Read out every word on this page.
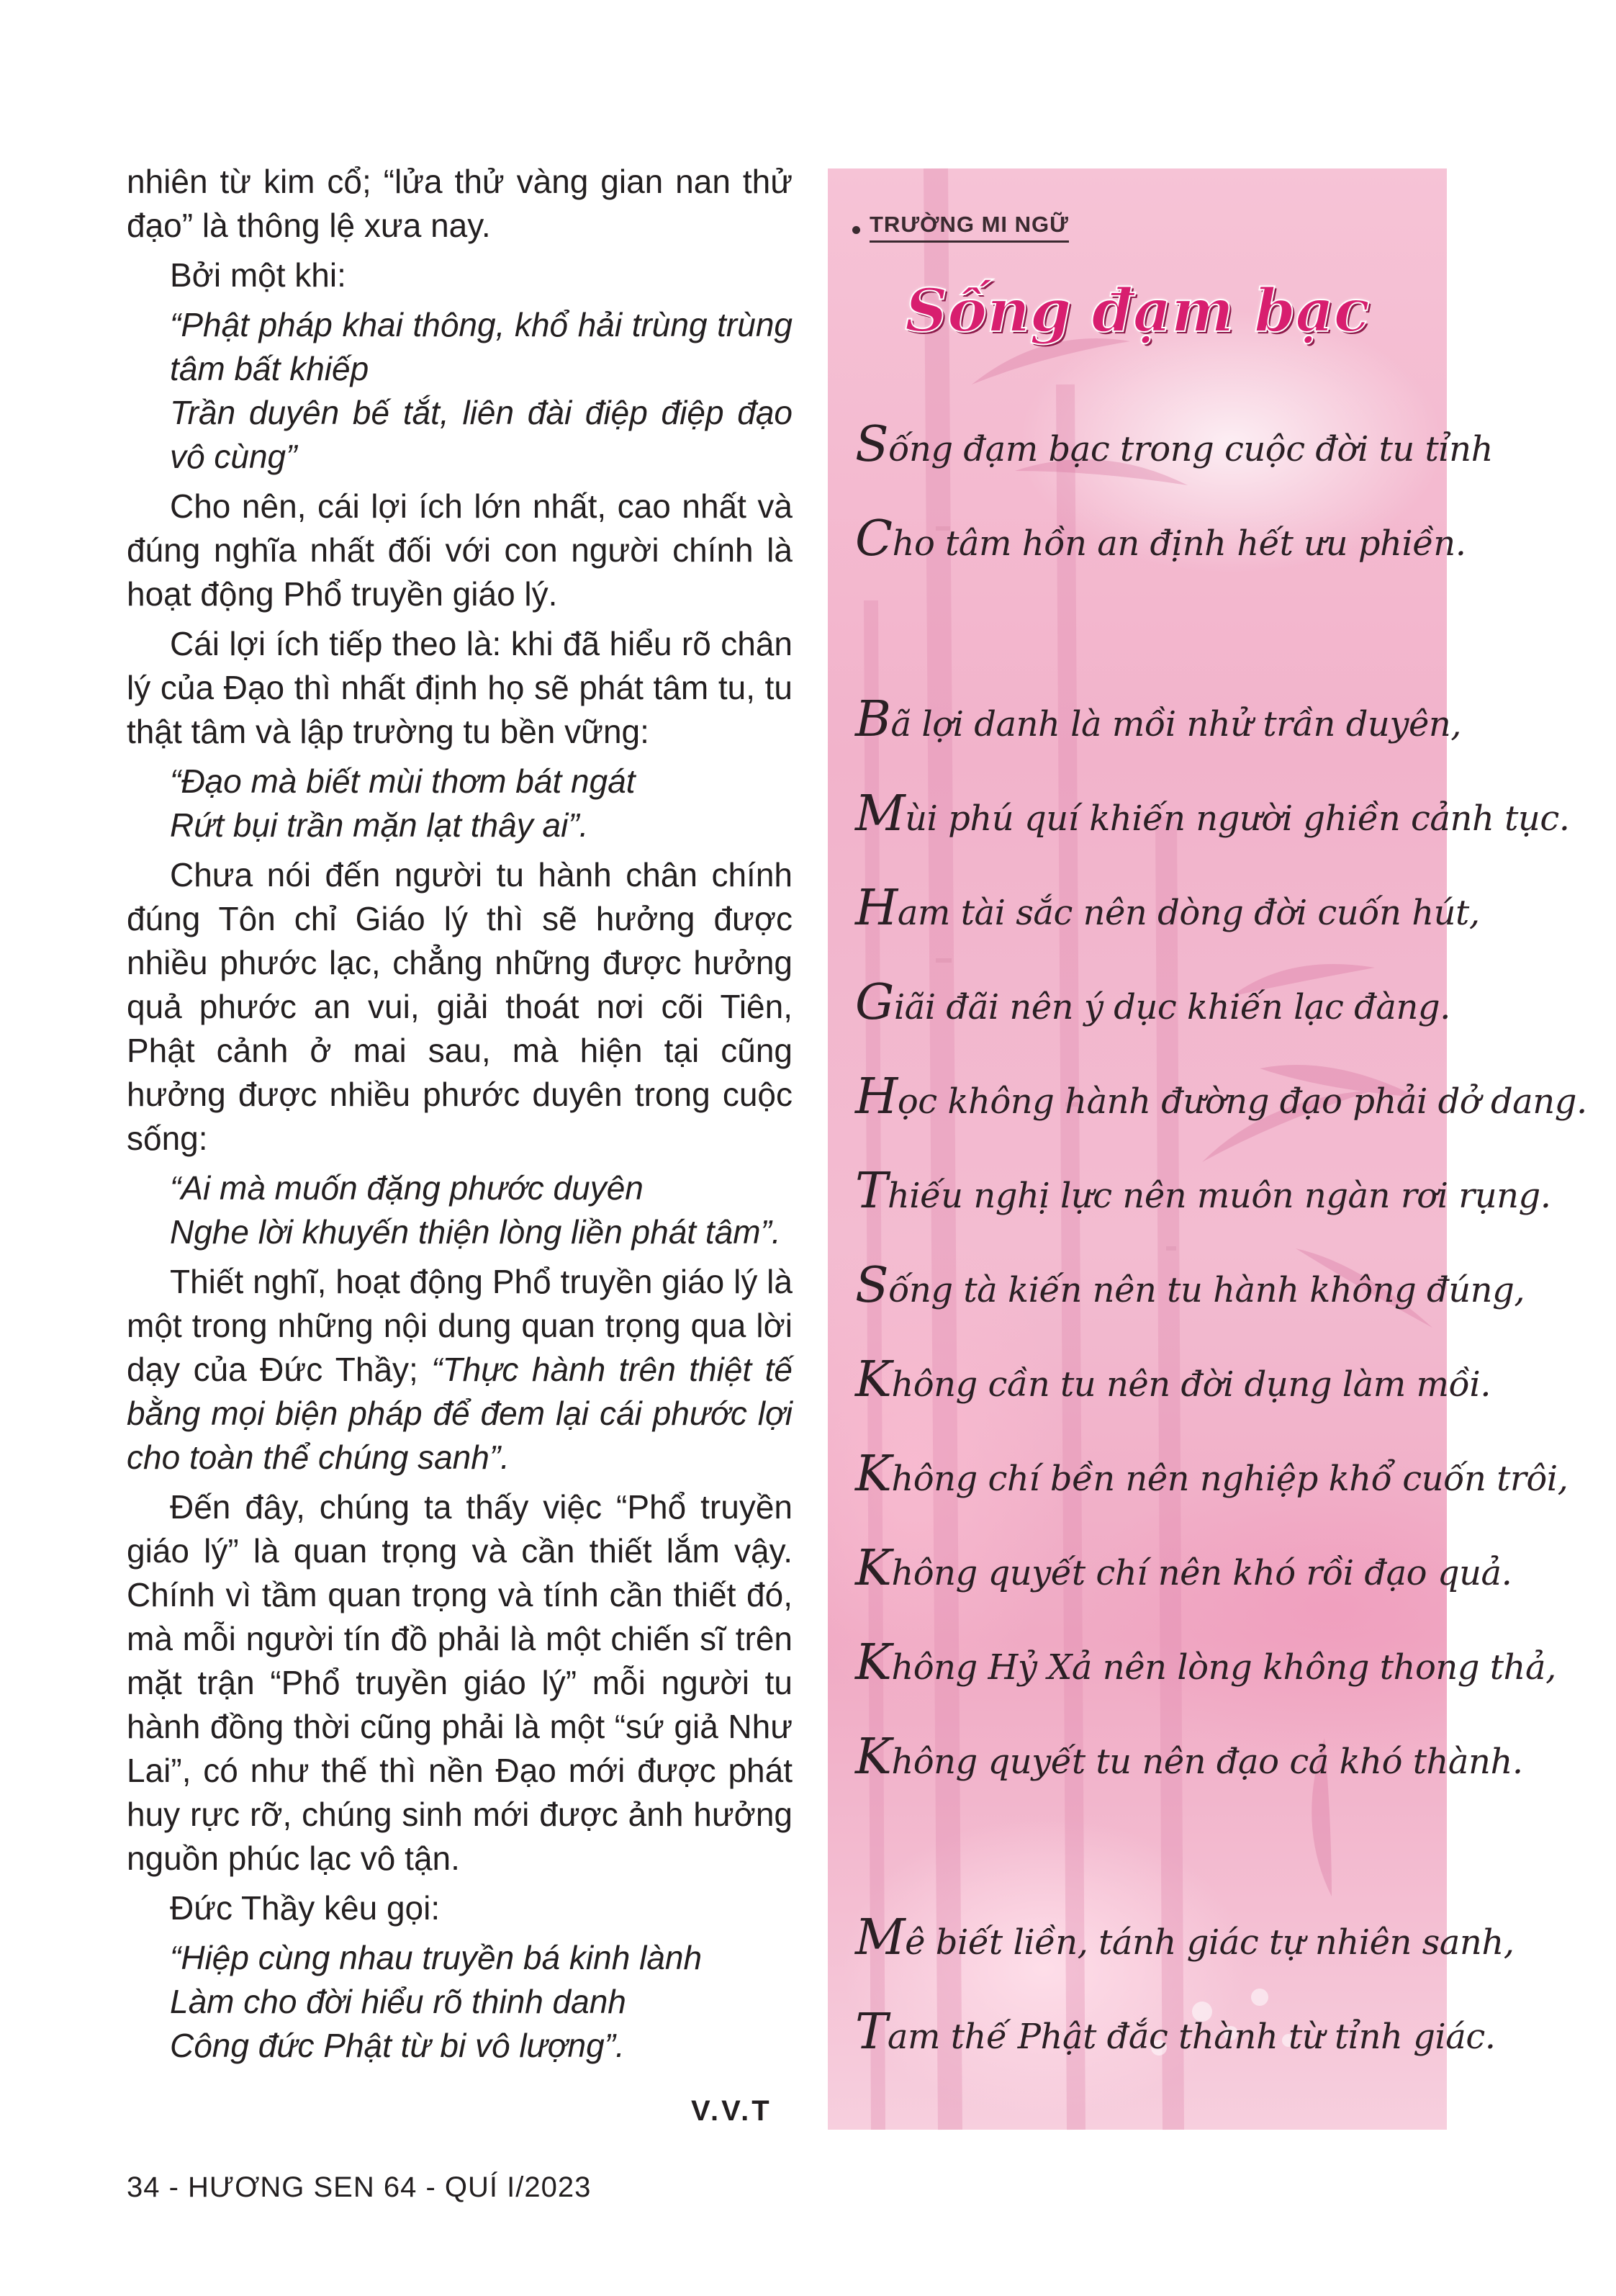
nhiên từ kim cổ; “lửa thử vàng gian nan thử đạo” là thông lệ xưa nay.

Bởi một khi:

“Phật pháp khai thông, khổ hải trùng trùng tâm bất khiếp
Trần duyên bế tắt, liên đài điệp điệp đạo vô cùng”

Cho nên, cái lợi ích lớn nhất, cao nhất và đúng nghĩa nhất đối với con người chính là hoạt động Phổ truyền giáo lý.

Cái lợi ích tiếp theo là: khi đã hiểu rõ chân lý của Đạo thì nhất định họ sẽ phát tâm tu, tu thật tâm và lập trường tu bền vững:

“Đạo mà biết mùi thơm bát ngát
Rứt bụi trần mặn lạt thây ai”.

Chưa nói đến người tu hành chân chính đúng Tôn chỉ Giáo lý thì sẽ hưởng được nhiều phước lạc, chẳng những được hưởng quả phước an vui, giải thoát nơi cõi Tiên, Phật cảnh ở mai sau, mà hiện tại cũng hưởng được nhiều phước duyên trong cuộc sống:

“Ai mà muốn đặng phước duyên
Nghe lời khuyến thiện lòng liền phát tâm”.

Thiết nghĩ, hoạt động Phổ truyền giáo lý là một trong những nội dung quan trọng qua lời dạy của Đức Thầy; “Thực hành trên thiệt tế bằng mọi biện pháp để đem lại cái phước lợi cho toàn thể chúng sanh”.

Đến đây, chúng ta thấy việc “Phổ truyền giáo lý” là quan trọng và cần thiết lắm vậy. Chính vì tầm quan trọng và tính cần thiết đó, mà mỗi người tín đồ phải là một chiến sĩ trên mặt trận “Phổ truyền giáo lý” mỗi người tu hành đồng thời cũng phải là một “sứ giả Như Lai”, có như thế thì nền Đạo mới được phát huy rực rỡ, chúng sinh mới được ảnh hưởng nguồn phúc lạc vô tận.

Đức Thầy kêu gọi:

“Hiệp cùng nhau truyền bá kinh lành
Làm cho đời hiểu rõ thinh danh
Công đức Phật từ bi vô lượng”.
V.V.T
34 - HƯƠNG SEN 64 - QUÍ I/2023
TRƯỜNG MI NGỮ
Sống đạm bạc
Sống đạm bạc trong cuộc đời tu tỉnh
Cho tâm hồn an định hết ưu phiền.
Bã lợi danh là mồi nhử trần duyên,
Mùi phú quí khiến người ghiền cảnh tục.
Ham tài sắc nên dòng đời cuốn hút,
Giãi đãi nên ý dục khiến lạc đàng.
Học không hành đường đạo phải dở dang.
Thiếu nghị lực nên muôn ngàn rơi rụng.
Sống tà kiến nên tu hành không đúng,
Không cần tu nên đời dụng làm mồi.
Không chí bền nên nghiệp khổ cuốn trôi,
Không quyết chí nên khó rồi đạo quả.
Không Hỷ Xả nên lòng không thong thả,
Không quyết tu nên đạo cả khó thành.
Mê biết liền, tánh giác tự nhiên sanh,
Tam thế Phật đắc thành từ tỉnh giác.
